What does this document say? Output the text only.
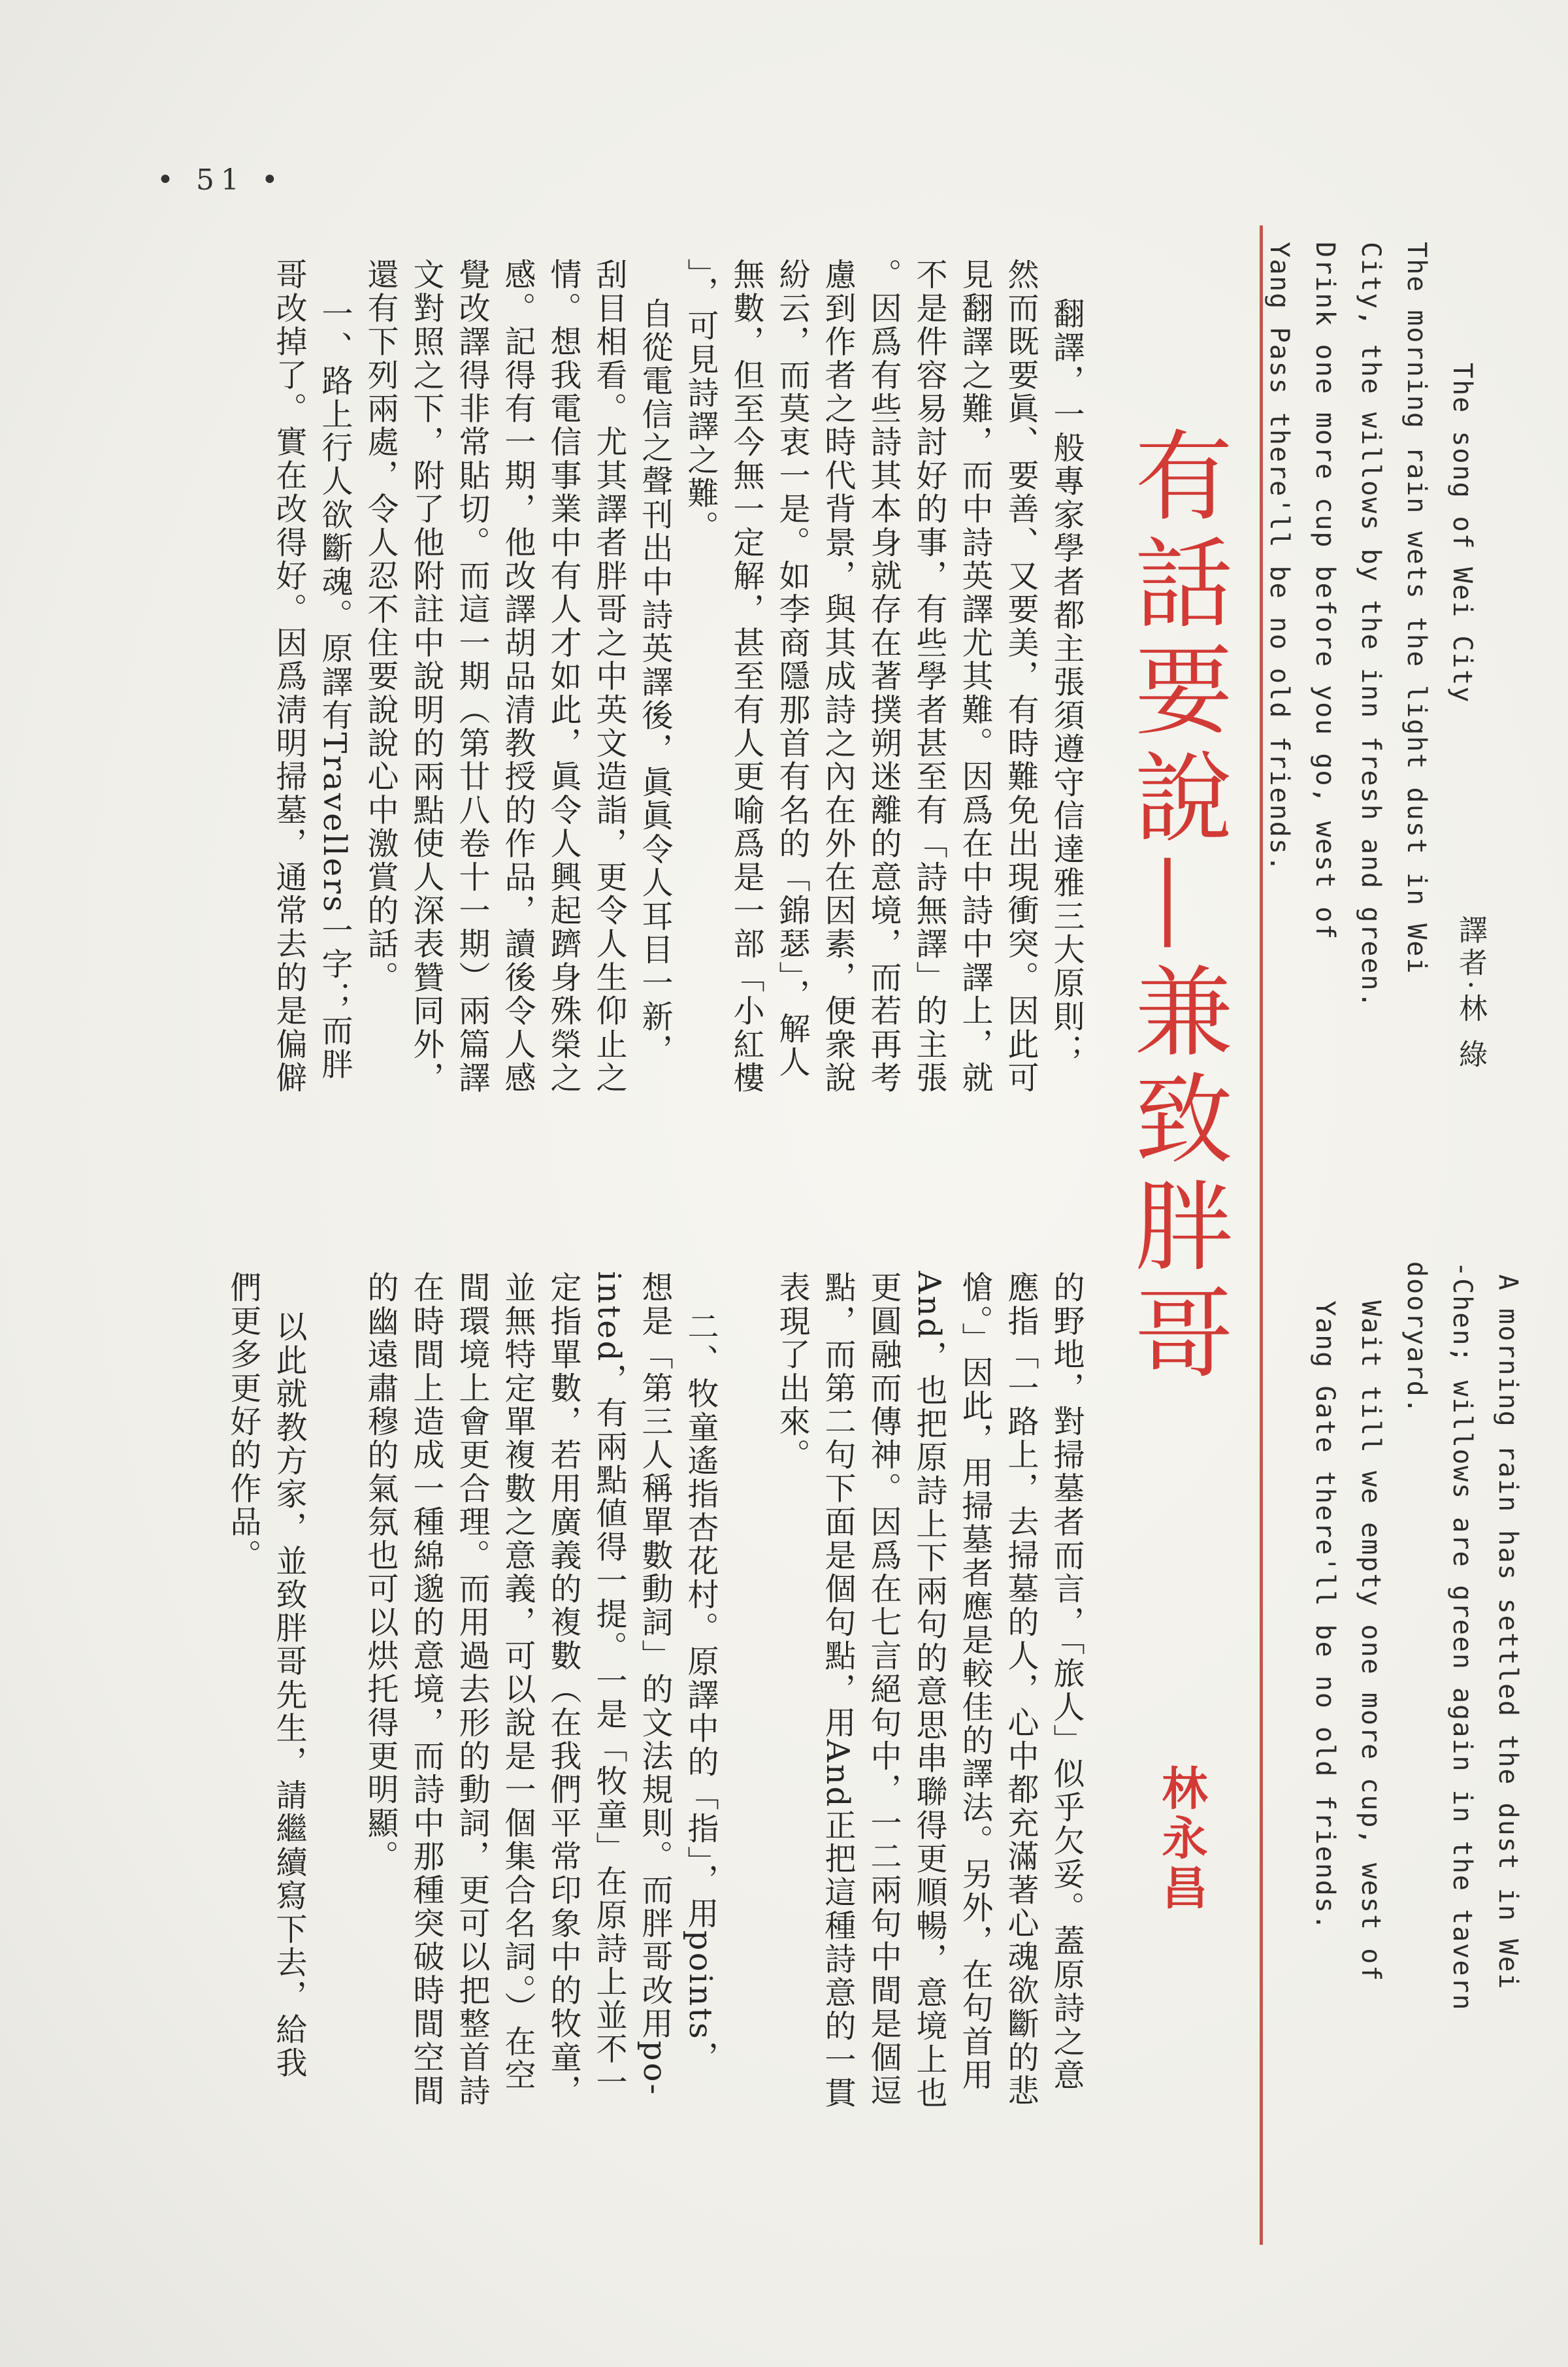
• 51 •
The song of Wei City
譯者·林 綠
The morning rain wets the light dust in Wei
City, the willows by the inn fresh and green.
Drink one more cup before you go, west of
Yang Pass there'll be no old friends.
A morning rain has settled the dust in Wei
-Chen; willows are green again in the tavern
dooryard.
Wait till we empty one more cup, west of
Yang Gate there'll be no old friends.
有話要說—兼致胖哥
林永昌
翻譯，一般專家學者都主張須遵守信達雅三大原則；
然而既要眞、要善、又要美，有時難免出現衝突。因此可
見翻譯之難，而中詩英譯尤其難。因爲在中詩中譯上，就
不是件容易討好的事，有些學者甚至有「詩無譯」的主張
。因爲有些詩其本身就存在著撲朔迷離的意境，而若再考
慮到作者之時代背景，與其成詩之內在外在因素，便衆說
紛云，而莫衷一是。如李商隱那首有名的「錦瑟」，解人
無數，但至今無一定解，甚至有人更喻爲是一部「小紅樓
」，可見詩譯之難。
自從電信之聲刊出中詩英譯後，眞眞令人耳目一新，
刮目相看。尤其譯者胖哥之中英文造詣，更令人生仰止之
情。想我電信事業中有人才如此，眞令人興起躋身殊榮之
感。記得有一期，他改譯胡品清教授的作品，讀後令人感
覺改譯得非常貼切。而這一期（第廿八卷十一期）兩篇譯
文對照之下，附了他附註中說明的兩點使人深表贊同外，
還有下列兩處，令人忍不住要說說心中激賞的話。
一、路上行人欲斷魂。原譯有Travellers一字；而胖
哥改掉了。實在改得好。因爲淸明掃墓，通常去的是偏僻
的野地，對掃墓者而言，「旅人」似乎欠妥。蓋原詩之意
應指「一路上，去掃墓的人，心中都充滿著心魂欲斷的悲
愴。」因此，用掃墓者應是較佳的譯法。另外，在句首用
And，也把原詩上下兩句的意思串聯得更順暢，意境上也
更圓融而傳神。因爲在七言絕句中，一二兩句中間是個逗
點，而第二句下面是個句點，用And正把這種詩意的一貫
表現了出來。
二、牧童遙指杏花村。原譯中的「指」，用points，
想是「第三人稱單數動詞」的文法規則。而胖哥改用po-
inted，有兩點値得一提。一是「牧童」在原詩上並不一
定指單數，若用廣義的複數（在我們平常印象中的牧童，
並無特定單複數之意義，可以說是一個集合名詞。）在空
間環境上會更合理。而用過去形的動詞，更可以把整首詩
在時間上造成一種綿邈的意境，而詩中那種突破時間空間
的幽遠肅穆的氣氛也可以烘托得更明顯。
以此就教方家，並致胖哥先生，請繼續寫下去，給我
們更多更好的作品。
